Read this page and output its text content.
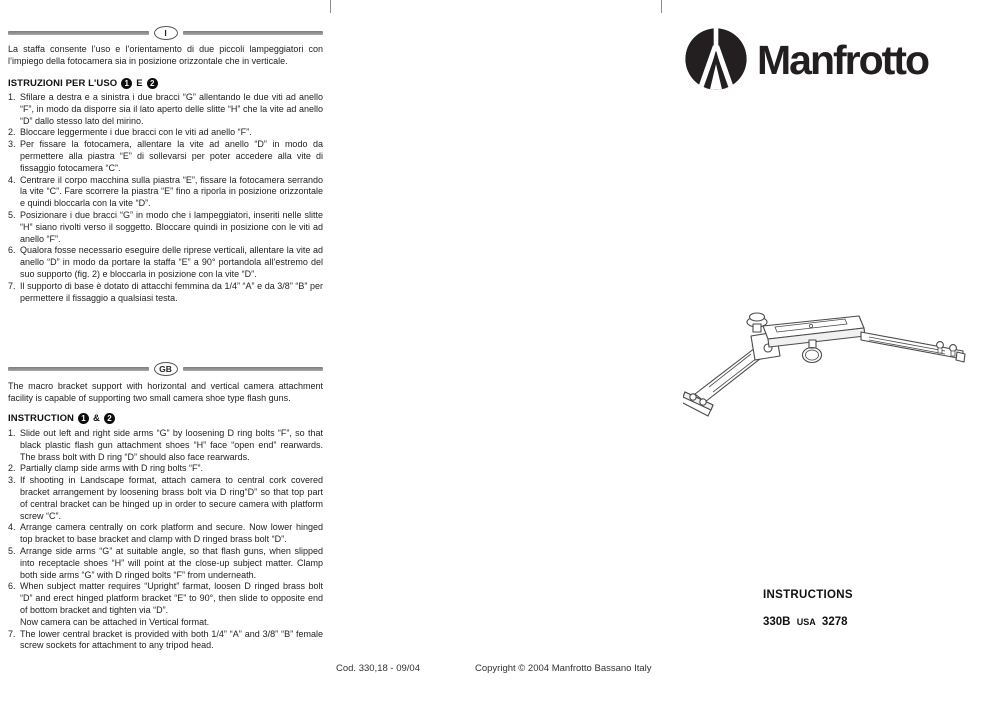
I
La staffa consente l’uso e l’orientamento di due piccoli lampeggiatori con l’impiego della fotocamera sia in posizione orizzontale che in verticale.
ISTRUZIONI PER L'USO 1 E 2
1. Sfilare a destra e a sinistra i due bracci “G” allentando le due viti ad anello “F”, in modo da disporre sia il lato aperto delle slitte “H” che la vite ad anello “D” dallo stesso lato del mirino.
2. Bloccare leggermente i due bracci con le viti ad anello “F”.
3. Per fissare la fotocamera, allentare la vite ad anello “D” in modo da permettere alla piastra “E” di sollevarsi per poter accedere alla vite di fissaggio fotocamera “C”.
4. Centrare il corpo macchina sulla piastra “E”, fissare la fotocamera serrando la vite “C”. Fare scorrere la piastra “E” fino a riporla in posizione orizzontale e quindi bloccarla con la vite “D”.
5. Posizionare i due bracci “G” in modo che i lampeggiatori, inseriti nelle slitte “H” siano rivolti verso il soggetto. Bloccare quindi in posizione con le viti ad anello “F”.
6. Qualora fosse necessario eseguire delle riprese verticali, allentare la vite ad anello “D” in modo da portare la staffa “E” a 90° portandola all’estremo del suo supporto (fig. 2) e bloccarla in posizione con la vite “D”.
7. Il supporto di base è dotato di attacchi femmina da 1/4” “A” e da 3/8” “B” per permettere il fissaggio a qualsiasi testa.
GB
The macro bracket support with horizontal and vertical camera attachment facility is capable of supporting two small camera shoe type flash guns.
INSTRUCTION 1 & 2
1. Slide out left and right side arms “G” by loosening D ring bolts “F”, so that black plastic flash gun attachment shoes “H” face “open end” rearwards. The brass bolt with D ring “D” should also face rearwards.
2. Partially clamp side arms with D ring bolts “F”.
3. If shooting in Landscape format, attach camera to central cork covered bracket arrangement by loosening brass bolt via D ring“D” so that top part of central bracket can be hinged up in order to secure camera with platform screw “C”.
4. Arrange camera centrally on cork platform and secure. Now lower hinged top bracket to base bracket and clamp with D ringed brass bolt “D”.
5. Arrange side arms “G” at suitable angle, so that flash guns, when slipped into receptacle shoes “H” will point at the close-up subject matter. Clamp both side arms “G” with D ringed bolts “F” from underneath.
6. When subject matter requires “Upright” farmat, loosen D ringed brass bolt “D” and erect hinged platform bracket “E” to 90°, then slide to opposite end of bottom bracket and tighten via “D”.
Now camera can be attached in Vertical format.
7. The lower central bracket is provided with both 1/4” “A” and 3/8” “B” female screw sockets for attachment to any tripod head.
Manfrotto
INSTRUCTIONS
330B USA 3278
Cod. 330,18 - 09/04	Copyright © 2004 Manfrotto Bassano Italy
